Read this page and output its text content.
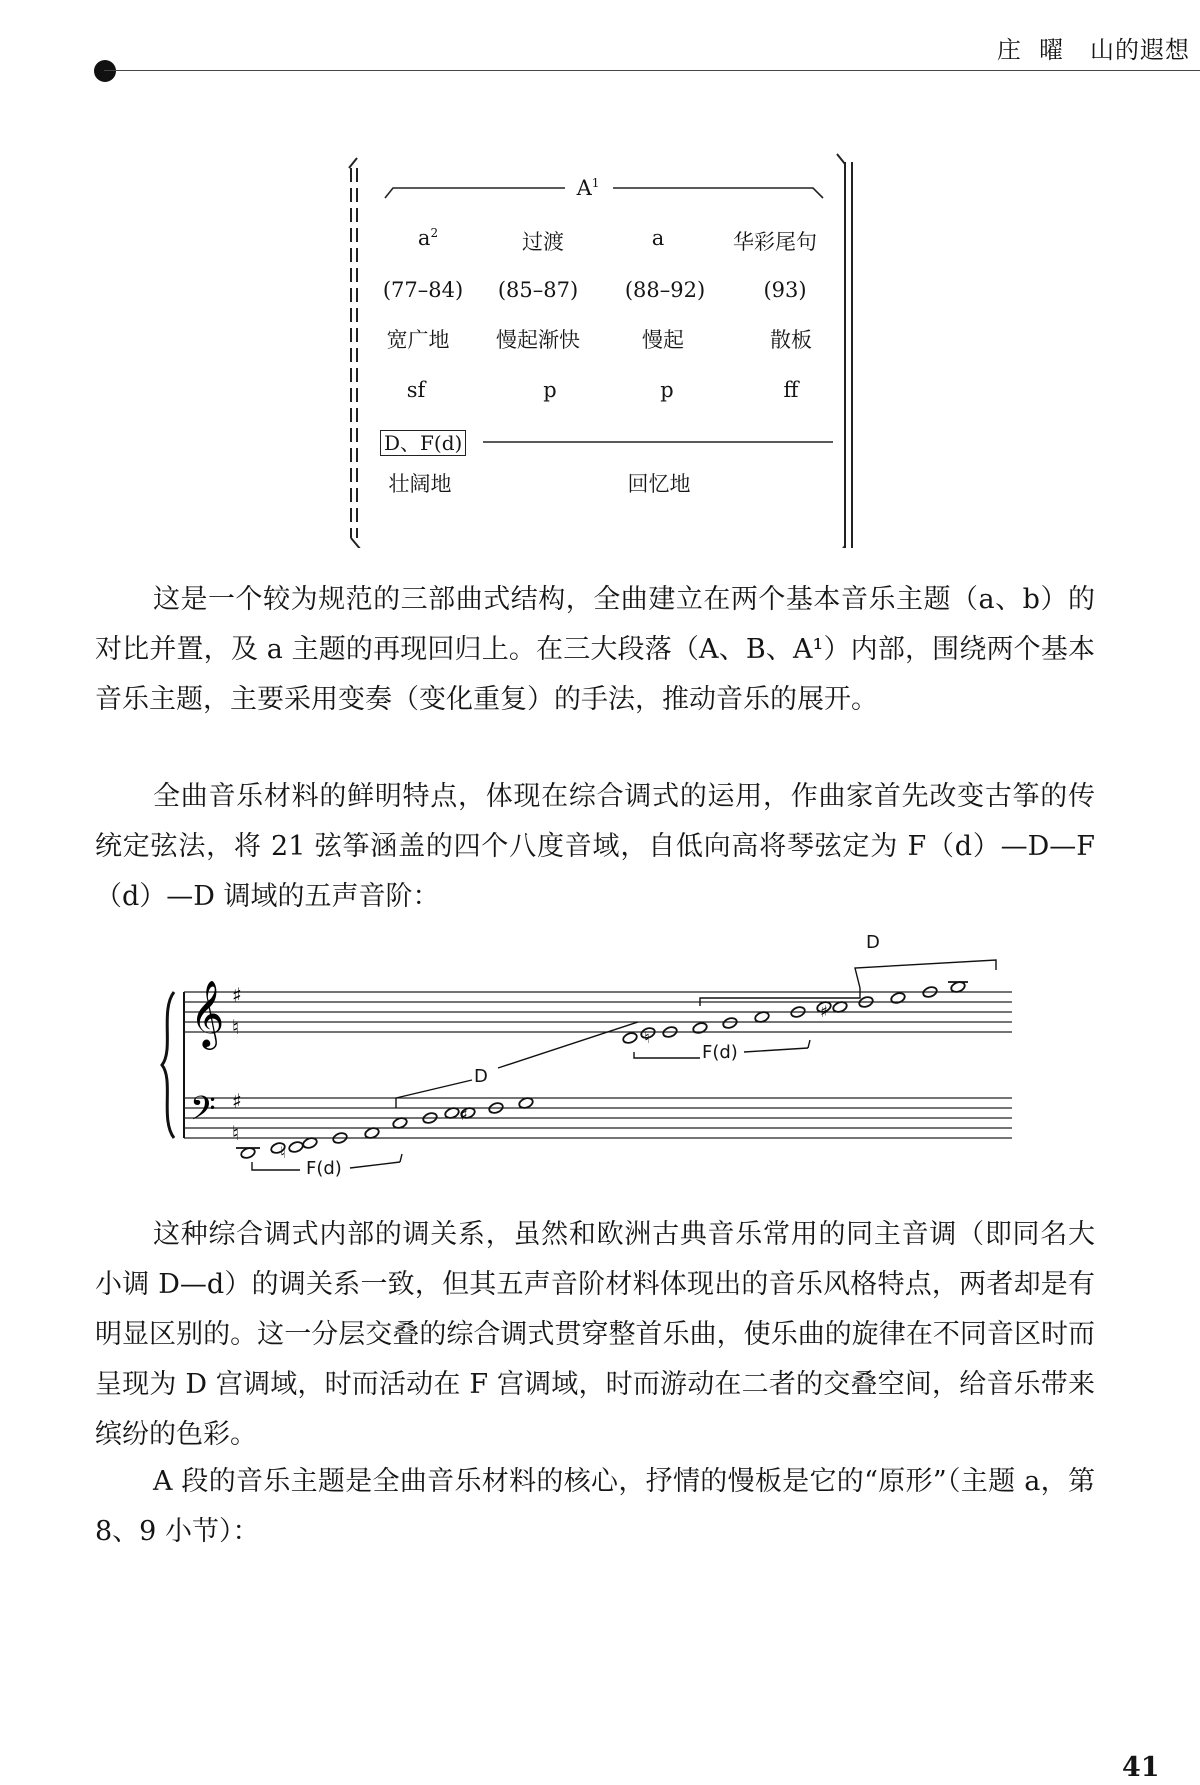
庄  曜   山的遐想
$A^1$
$a^2$	过渡	a	华彩尾句
(77–84) (85–87) (88–92)	(93)
宽广地 慢起渐快	慢起	散板
sf	p	p	ff
D、F(d)
壮阔地	回忆地
这是一个较为规范的三部曲式结构，全曲建立在两个基本音乐主题（a、b）的对比并置，及 a 主题的再现回归上。在三大段落（A、B、A¹）内部，围绕两个基本音乐主题，主要采用变奏（变化重复）的手法，推动音乐的展开。
全曲音乐材料的鲜明特点，体现在综合调式的运用，作曲家首先改变古筝的传统定弦法，将 21 弦筝涵盖的四个八度音域，自低向高将琴弦定为 F（d）—D—F（d）—D 调域的五声音阶：
𝄞
𝄢
♯
♮
♯
♮
♮
♯
♮
♯
D
F(d)
D
F(d)
这种综合调式内部的调关系，虽然和欧洲古典音乐常用的同主音调（即同名大小调 D—d）的调关系一致，但其五声音阶材料体现出的音乐风格特点，两者却是有明显区别的。这一分层交叠的综合调式贯穿整首乐曲，使乐曲的旋律在不同音区时而呈现为 D 宫调域，时而活动在 F 宫调域，时而游动在二者的交叠空间，给音乐带来缤纷的色彩。
A 段的音乐主题是全曲音乐材料的核心，抒情的慢板是它的“原形”（主题 a，第 8、9 小节）：
41
